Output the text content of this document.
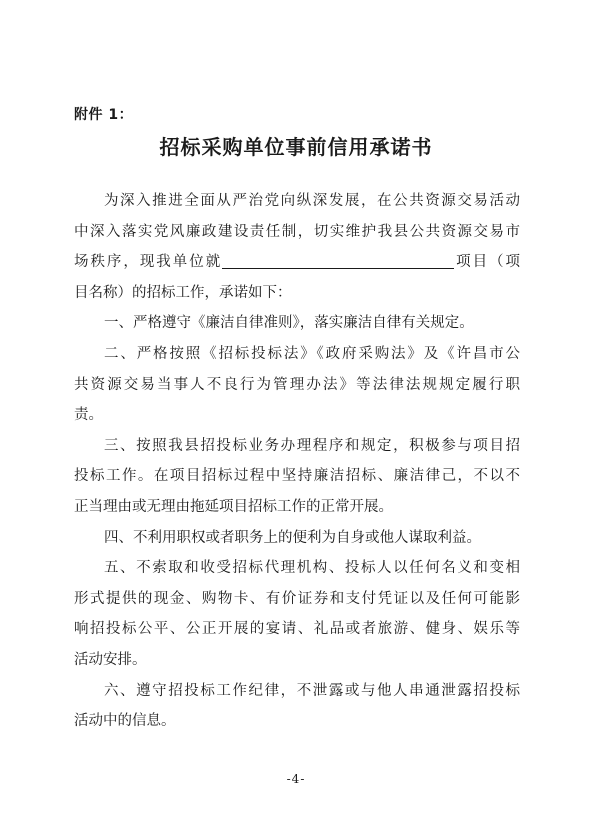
附件 1：
招标采购单位事前信用承诺书
为深入推进全面从严治党向纵深发展，在公共资源交易活动
中深入落实党风廉政建设责任制，切实维护我县公共资源交易市
场秩序，现我单位就	项目（项
目名称）的招标工作，承诺如下：
一、严格遵守《廉洁自律准则》，落实廉洁自律有关规定。
二、严格按照《招标投标法》《政府采购法》及《许昌市公
共资源交易当事人不良行为管理办法》等法律法规规定履行职
责。
三、按照我县招投标业务办理程序和规定，积极参与项目招
投标工作。在项目招标过程中坚持廉洁招标、廉洁律己，不以不
正当理由或无理由拖延项目招标工作的正常开展。
四、不利用职权或者职务上的便利为自身或他人谋取利益。
五、不索取和收受招标代理机构、投标人以任何名义和变相
形式提供的现金、购物卡、有价证券和支付凭证以及任何可能影
响招投标公平、公正开展的宴请、礼品或者旅游、健身、娱乐等
活动安排。
六、遵守招投标工作纪律，不泄露或与他人串通泄露招投标
活动中的信息。
-4-
